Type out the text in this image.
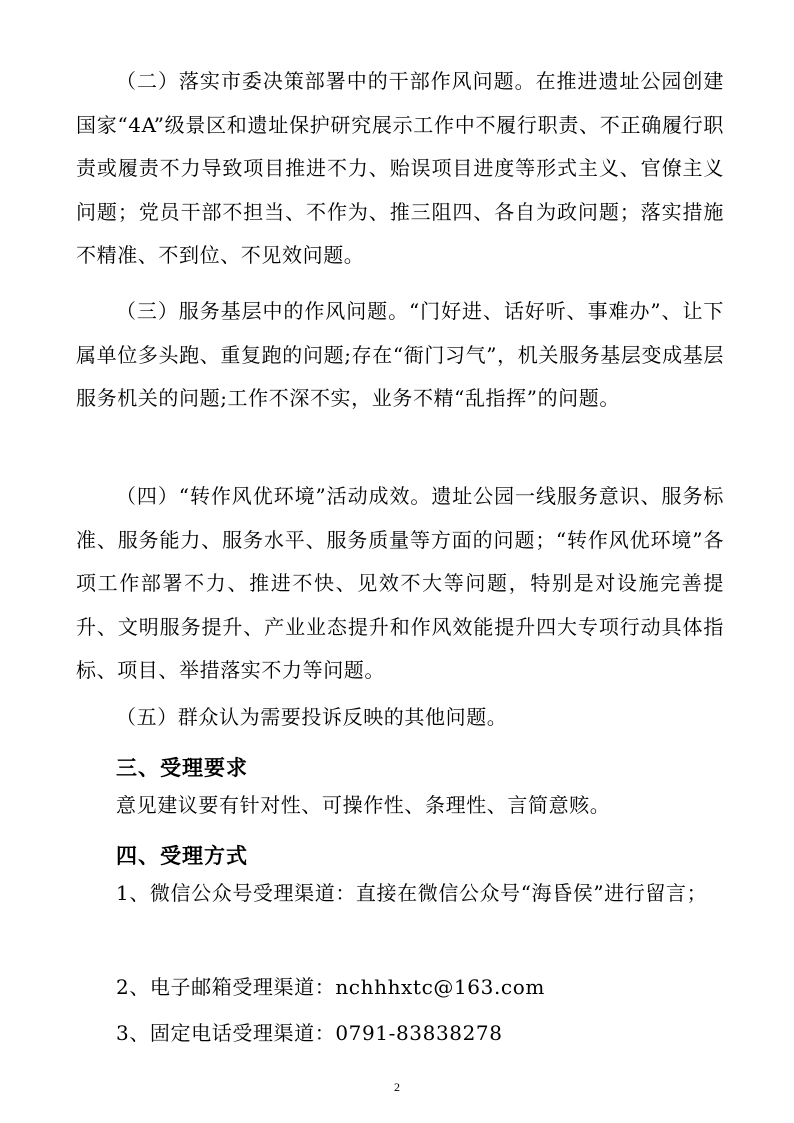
（二）落实市委决策部署中的干部作风问题。在推进遗址公园创建国家“4A”级景区和遗址保护研究展示工作中不履行职责、不正确履行职责或履责不力导致项目推进不力、贻误项目进度等形式主义、官僚主义问题；党员干部不担当、不作为、推三阻四、各自为政问题；落实措施不精准、不到位、不见效问题。

（三）服务基层中的作风问题。“门好进、话好听、事难办”、让下属单位多头跑、重复跑的问题;存在“衙门习气”，机关服务基层变成基层服务机关的问题;工作不深不实，业务不精“乱指挥”的问题。

（四）“转作风优环境”活动成效。遗址公园一线服务意识、服务标准、服务能力、服务水平、服务质量等方面的问题；“转作风优环境”各项工作部署不力、推进不快、见效不大等问题，特别是对设施完善提升、文明服务提升、产业业态提升和作风效能提升四大专项行动具体指标、项目、举措落实不力等问题。

（五）群众认为需要投诉反映的其他问题。

三、受理要求

意见建议要有针对性、可操作性、条理性、言简意赅。

四、受理方式

1、微信公众号受理渠道：直接在微信公众号“海昏侯”进行留言；

2、电子邮箱受理渠道：nchhhxtc@163.com

3、固定电话受理渠道：0791-83838278

2
